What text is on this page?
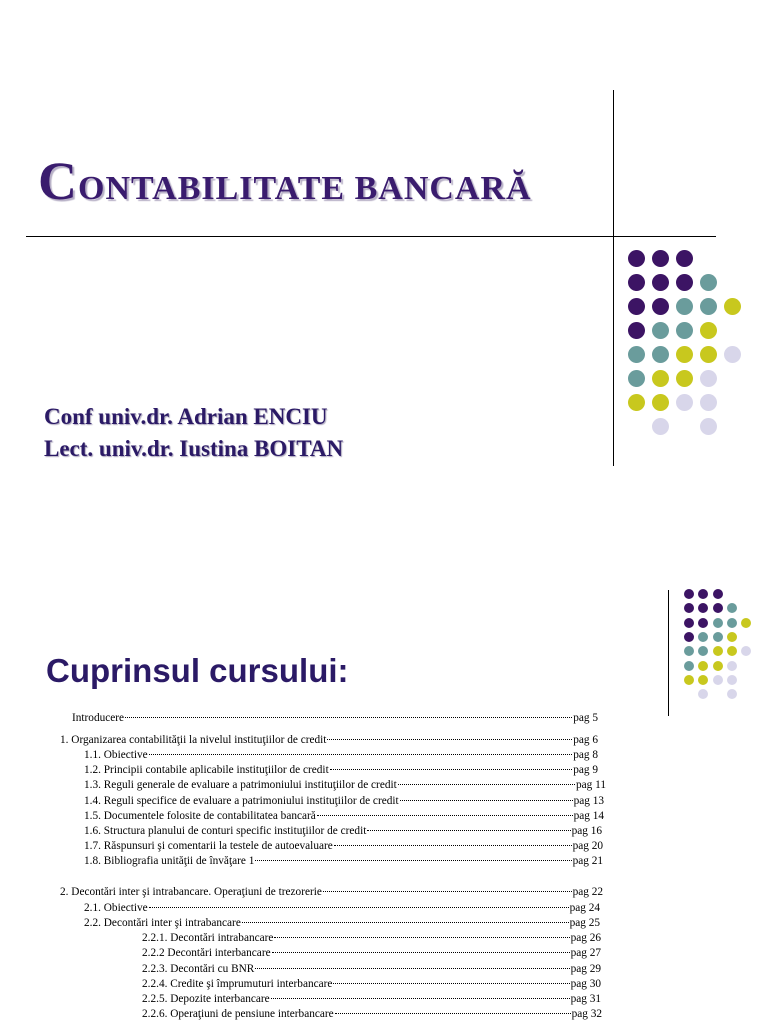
CONTABILITATE BANCARĂ
Conf univ.dr. Adrian ENCIU
Lect. univ.dr. Iustina BOITAN
Cuprinsul cursului:
Introducere	pag 5
1. Organizarea contabilităţii la nivelul instituţiilor de credit	pag 6
1.1. Obiective	pag 8
1.2. Principii contabile aplicabile instituţiilor de credit	pag 9
1.3. Reguli generale de evaluare a patrimoniului instituţiilor de credit	pag 11
1.4. Reguli specifice de evaluare a patrimoniului instituţiilor de credit	pag 13
1.5. Documentele folosite de contabilitatea bancară	pag 14
1.6. Structura planului de conturi specific instituţiilor de credit	pag 16
1.7. Răspunsuri şi comentarii la testele de autoevaluare	pag 20
1.8. Bibliografia unităţii de învăţare 1	pag 21
2. Decontări inter şi intrabancare. Operaţiuni de trezorerie	pag 22
2.1. Obiective	pag 24
2.2. Decontări inter şi intrabancare	pag 25
2.2.1. Decontări intrabancare	pag 26
2.2.2 Decontări interbancare	pag 27
2.2.3. Decontări cu BNR	pag 29
2.2.4. Credite şi împrumuturi interbancare	pag 30
2.2.5. Depozite interbancare	pag 31
2.2.6. Operaţiuni de pensiune interbancare	pag 32
